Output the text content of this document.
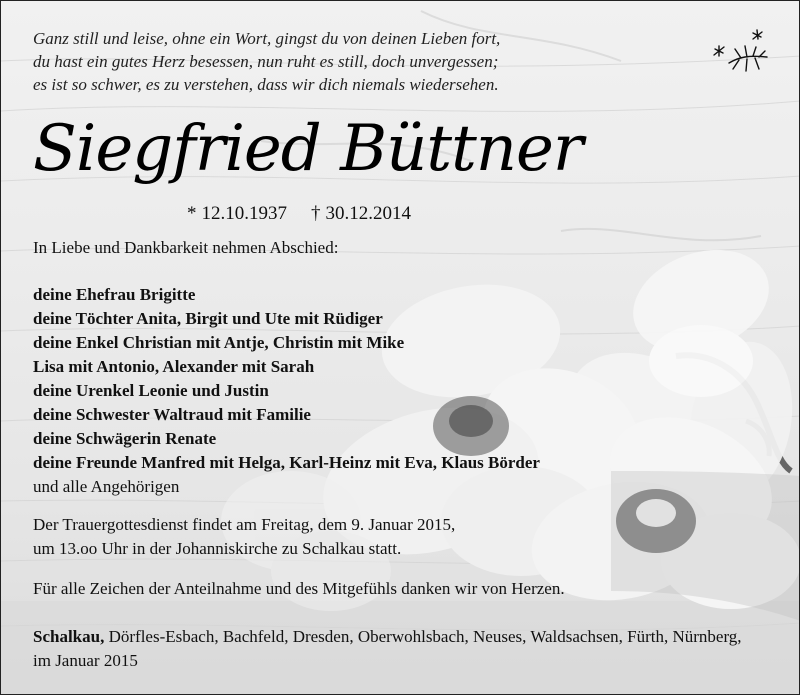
Ganz still und leise, ohne ein Wort, gingst du von deinen Lieben fort,
du hast ein gutes Herz besessen, nun ruht es still, doch unvergessen;
es ist so schwer, es zu verstehen, dass wir dich niemals wiedersehen.
Siegfried Büttner
* 12.10.1937 † 30.12.2014
In Liebe und Dankbarkeit nehmen Abschied:
deine Ehefrau Brigitte
deine Töchter Anita, Birgit und Ute mit Rüdiger
deine Enkel Christian mit Antje, Christin mit Mike
Lisa mit Antonio, Alexander mit Sarah
deine Urenkel Leonie und Justin
deine Schwester Waltraud mit Familie
deine Schwägerin Renate
deine Freunde Manfred mit Helga, Karl-Heinz mit Eva, Klaus Börder
und alle Angehörigen
Der Trauergottesdienst findet am Freitag, dem 9. Januar 2015,
um 13.oo Uhr in der Johanniskirche zu Schalkau statt.
Für alle Zeichen der Anteilnahme und des Mitgefühls danken wir von Herzen.
Schalkau, Dörfles-Esbach, Bachfeld, Dresden, Oberwohlsbach, Neuses, Waldsachsen, Fürth, Nürnberg,
im Januar 2015
